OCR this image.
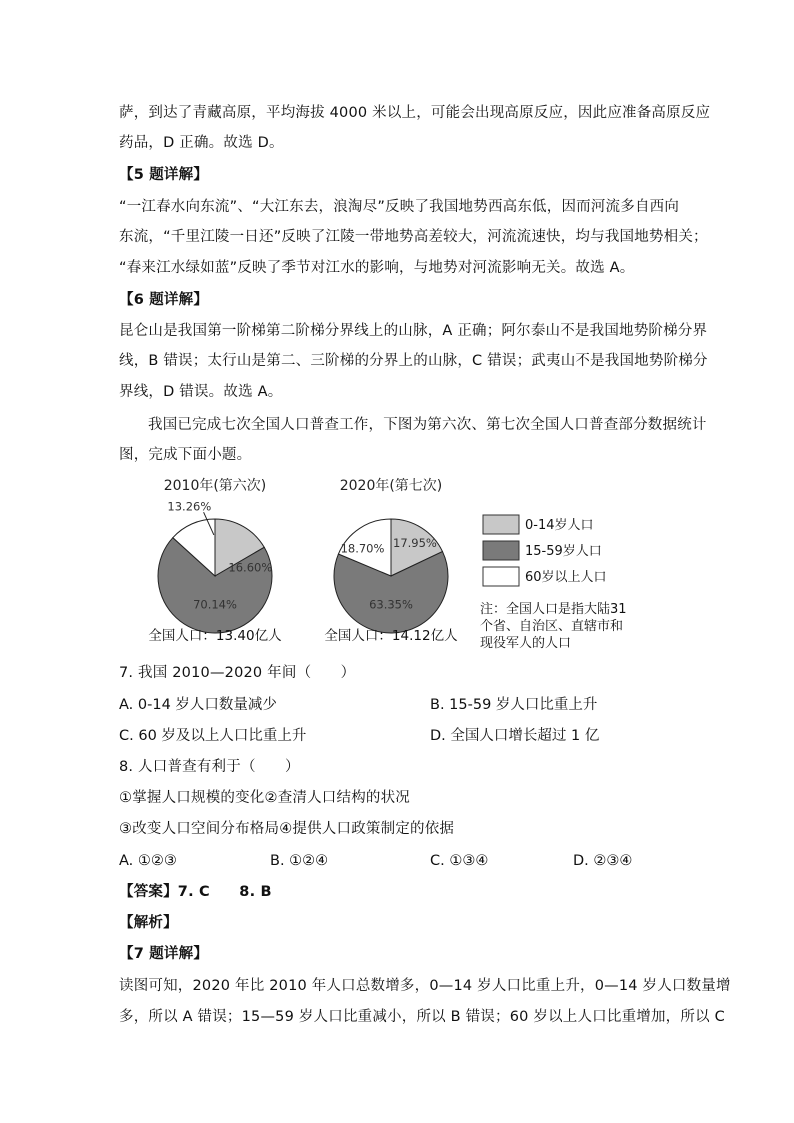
萨，到达了青藏高原，平均海拔 4000 米以上，可能会出现高原反应，因此应准备高原反应
药品，D 正确。故选 D。
【5 题详解】
“一江春水向东流”、“大江东去，浪淘尽”反映了我国地势西高东低，因而河流多自西向
东流，“千里江陵一日还”反映了江陵一带地势高差较大，河流流速快，均与我国地势相关；
“春来江水绿如蓝”反映了季节对江水的影响，与地势对河流影响无关。故选 A。
【6 题详解】
昆仑山是我国第一阶梯第二阶梯分界线上的山脉，A 正确；阿尔泰山不是我国地势阶梯分界
线，B 错误；太行山是第二、三阶梯的分界上的山脉，C 错误；武夷山不是我国地势阶梯分
界线，D 错误。故选 A。
我国已完成七次全国人口普查工作，下图为第六次、第七次全国人口普查部分数据统计
图，完成下面小题。
2010年(第六次)
16.60%
70.14%
13.26%
全国人口：13.40亿人
2020年(第七次)
17.95%
63.35%
18.70%
全国人口：14.12亿人
0-14岁人口
15-59岁人口
60岁以上人口
注：全国人口是指大陆31
个省、自治区、直辖市和
现役军人的人口
7. 我国 2010—2020 年间（　　）
A. 0-14 岁人口数量减少	B. 15-59 岁人口比重上升
C. 60 岁及以上人口比重上升	D. 全国人口增长超过 1 亿
8. 人口普查有利于（　　）
①掌握人口规模的变化②查清人口结构的状况
③改变人口空间分布格局④提供人口政策制定的依据
A. ①②③	B. ①②④	C. ①③④	D. ②③④
【答案】7. C　　8. B
【解析】
【7 题详解】
读图可知，2020 年比 2010 年人口总数增多，0—14 岁人口比重上升，0—14 岁人口数量增
多，所以 A 错误；15—59 岁人口比重减小，所以 B 错误；60 岁以上人口比重增加，所以 C
